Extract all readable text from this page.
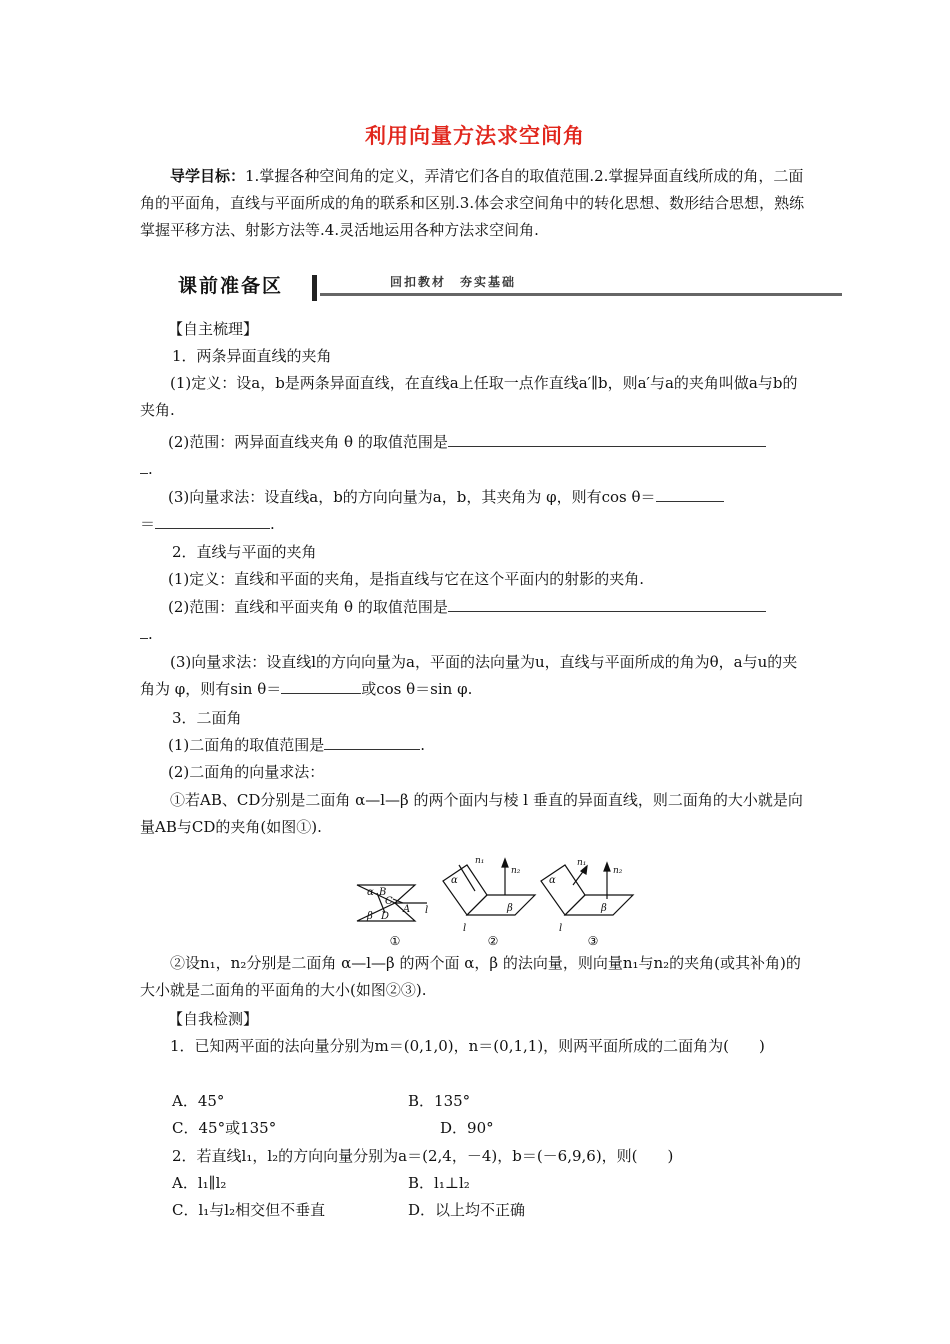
利用向量方法求空间角
导学目标：1.掌握各种空间角的定义，弄清它们各自的取值范围.2.掌握异面直线所成的角，二面角的平面角，直线与平面所成的角的联系和区别.3.体会求空间角中的转化思想、数形结合思想，熟练掌握平移方法、射影方法等.4.灵活地运用各种方法求空间角.
课前准备区	回扣教材　夯实基础
【自主梳理】
1．两条异面直线的夹角
(1)定义：设a，b是两条异面直线，在直线a上任取一点作直线a′∥b，则a′与a的夹角叫做a与b的夹角.
(2)范围：两异面直线夹角 θ 的取值范围是
.
(3)向量求法：设直线a，b的方向向量为a，b，其夹角为 φ，则有cos θ＝
＝	.
2．直线与平面的夹角
(1)定义：直线和平面的夹角，是指直线与它在这个平面内的射影的夹角.
(2)范围：直线和平面夹角 θ 的取值范围是
.
(3)向量求法：设直线l的方向向量为a，平面的法向量为u，直线与平面所成的角为θ，a与u的夹角为 φ，则有sin θ＝	或cos θ＝sin φ.
3．二面角
(1)二面角的取值范围是	.
(2)二面角的向量求法：
①若AB、CD分别是二面角 α—l—β 的两个面内与棱 l 垂直的异面直线，则二面角的大小就是向量AB与CD的夹角(如图①).
α B
C
A
β D
l
①
n₁
n₂
α
β
l
②
n₁
n₂
α
β
l
③
②设n₁，n₂分别是二面角 α—l—β 的两个面 α，β 的法向量，则向量n₁与n₂的夹角(或其补角)的大小就是二面角的平面角的大小(如图②③).
【自我检测】
1．已知两平面的法向量分别为m＝(0,1,0)，n＝(0,1,1)，则两平面所成的二面角为(　　)
A．45°	B．135°
C．45°或135°	D．90°
2．若直线l₁，l₂的方向向量分别为a＝(2,4，－4)，b＝(－6,9,6)，则(　　)
A．l₁∥l₂	B．l₁⊥l₂
C．l₁与l₂相交但不垂直	D．以上均不正确
